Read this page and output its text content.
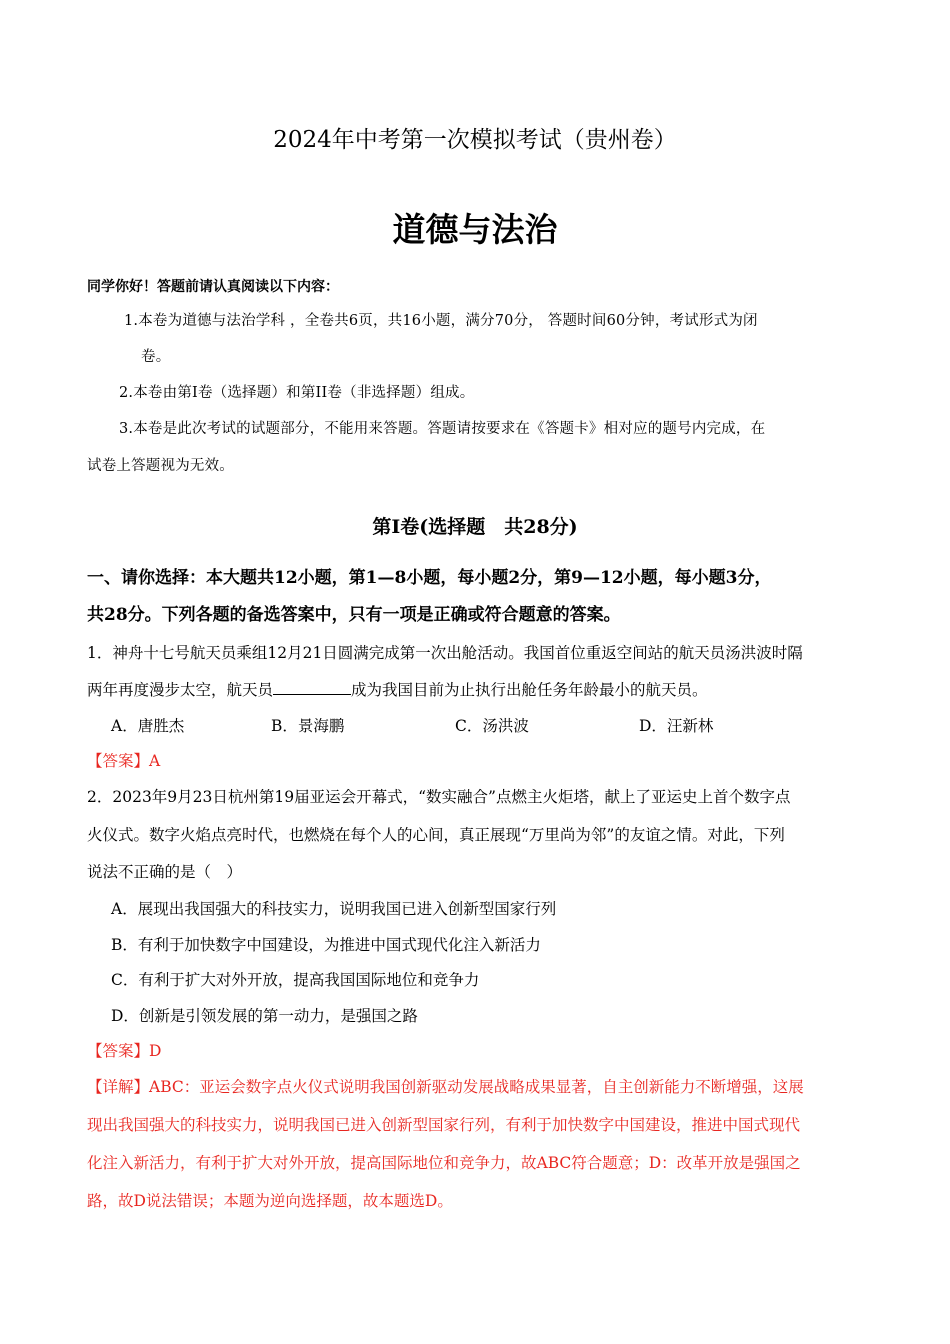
2024年中考第一次模拟考试（贵州卷）
道德与法治
同学你好！答题前请认真阅读以下内容：
1.本卷为道德与法治学科 ，全卷共6页，共16小题，满分70分， 答题时间60分钟，考试形式为闭
卷。
2.本卷由第I卷（选择题）和第II卷（非选择题）组成。
3.本卷是此次考试的试题部分，不能用来答题。答题请按要求在《答题卡》相对应的题号内完成，在
试卷上答题视为无效。
第Ⅰ卷(选择题　共28分)
一、请你选择：本大题共12小题，第1—8小题，每小题2分，第9—12小题，每小题3分，
共28分。下列各题的备选答案中，只有一项是正确或符合题意的答案。
1．神舟十七号航天员乘组12月21日圆满完成第一次出舱活动。我国首位重返空间站的航天员汤洪波时隔
两年再度漫步太空，航天员	成为我国目前为止执行出舱任务年龄最小的航天员。
A．唐胜杰	B．景海鹏	C．汤洪波	D．汪新林
【答案】A
2．2023年9月23日杭州第19届亚运会开幕式，“数实融合”点燃主火炬塔，献上了亚运史上首个数字点
火仪式。数字火焰点亮时代，也燃烧在每个人的心间，真正展现“万里尚为邻”的友谊之情。对此，下列
说法不正确的是（　）
A．展现出我国强大的科技实力，说明我国已进入创新型国家行列
B．有利于加快数字中国建设，为推进中国式现代化注入新活力
C．有利于扩大对外开放，提高我国国际地位和竞争力
D．创新是引领发展的第一动力，是强国之路
【答案】D
【详解】ABC：亚运会数字点火仪式说明我国创新驱动发展战略成果显著，自主创新能力不断增强，这展
现出我国强大的科技实力，说明我国已进入创新型国家行列，有利于加快数字中国建设，推进中国式现代
化注入新活力，有利于扩大对外开放，提高国际地位和竞争力，故ABC符合题意；D：改革开放是强国之
路，故D说法错误；本题为逆向选择题，故本题选D。
